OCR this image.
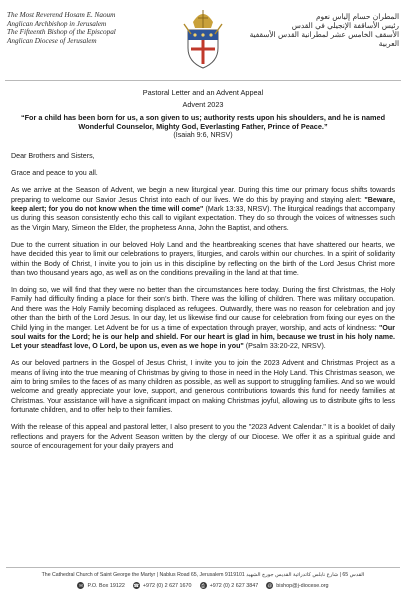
The Most Reverend Hosam E. Naoum
Anglican Archbishop in Jerusalem
The Fifteenth Bishop of the Episcopal
Anglican Diocese of Jerusalem
المطران حسام إلياس نعوم
رئيس الأساقفة الإنجيلي في القدس
الأسقف الخامس عشر لمطرانية القدس الأسقفية العربية
Pastoral Letter and an Advent Appeal
Advent 2023
“For a child has been born for us, a son given to us; authority rests upon his shoulders, and he is named Wonderful Counselor, Mighty God, Everlasting Father, Prince of Peace.”
(Isaiah 9:6, NRSV)

Dear Brothers and Sisters,

Grace and peace to you all.

As we arrive at the Season of Advent, we begin a new liturgical year. During this time our primary focus shifts towards preparing to welcome our Savior Jesus Christ into each of our lives. We do this by praying and staying alert: "Beware, keep alert; for you do not know when the time will come" (Mark 13:33, NRSV). The liturgical readings that accompany us during this season consistently echo this call to vigilant expectation. They do so through the voices of witnesses such as the Virgin Mary, Simeon the Elder, the prophetess Anna, John the Baptist, and others.

Due to the current situation in our beloved Holy Land and the heartbreaking scenes that have shattered our hearts, we have decided this year to limit our celebrations to prayers, liturgies, and carols within our churches. In a spirit of solidarity within the Body of Christ, I invite you to join us in this discipline by reflecting on the birth of the Lord Jesus Christ more than two thousand years ago, as well as on the conditions prevailing in the land at that time.

In doing so, we will find that they were no better than the circumstances here today. During the first Christmas, the Holy Family had difficulty finding a place for their son’s birth. There was the killing of children. There was military occupation. And there was the Holy Family becoming displaced as refugees. Outwardly, there was no reason for celebration and joy other than the birth of the Lord Jesus. In our day, let us likewise find our cause for celebration from fixing our eyes on the Child lying in the manger. Let Advent be for us a time of expectation through prayer, worship, and acts of kindness: "Our soul waits for the Lord; he is our help and shield. For our heart is glad in him, because we trust in his holy name. Let your steadfast love, O Lord, be upon us, even as we hope in you" (Psalm 33:20-22, NRSV).

As our beloved partners in the Gospel of Jesus Christ, I invite you to join the 2023 Advent and Christmas Project as a means of living into the true meaning of Christmas by giving to those in need in the Holy Land. This Christmas season, we aim to bring smiles to the faces of as many children as possible, as well as support to struggling families. And so we would welcome and greatly appreciate your love, support, and generous contributions towards this fund for needy families at Christmas. Your assistance will have a significant impact on making Christmas joyful, allowing us to distribute gifts to less fortunate children, and to offer help to their families.

With the release of this appeal and pastoral letter, I also present to you the "2023 Advent Calendar." It is a booklet of daily reflections and prayers for the Advent Season written by the clergy of our Diocese. We offer it as a spiritual guide and source of encouragement for your daily prayers and

The Cathedral Church of Saint George the Martyr | Nablus Road 65, Jerusalem 9119101 القدس 65 | شارع نابلس كاتدرائية القديس جورج الشهيد
✉ P.O. Box 19122 ☎ +972 (0) 2 627 1670	⎙ +972 (0) 2 627 3847 @ bishop@j-diocese.org
